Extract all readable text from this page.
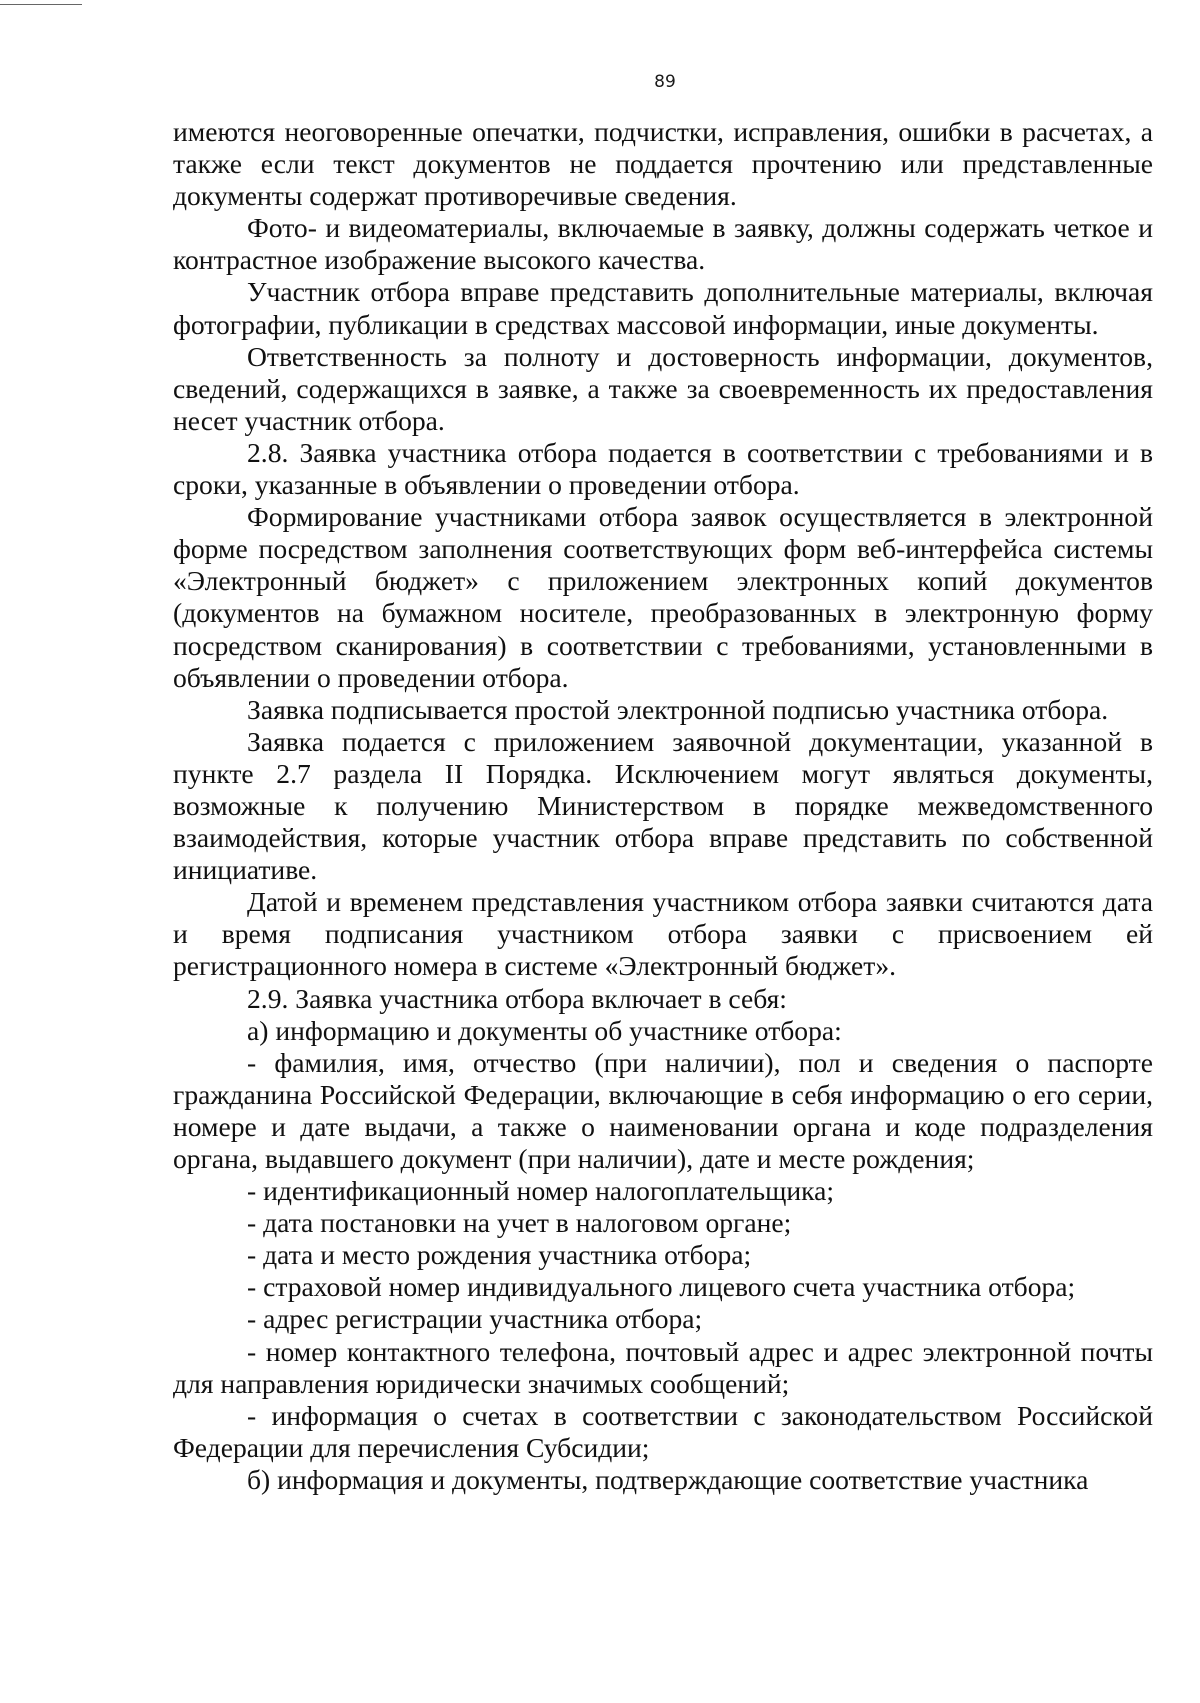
89

имеются неоговоренные опечатки, подчистки, исправления, ошибки в расчетах, а также если текст документов не поддается прочтению или представленные документы содержат противоречивые сведения.

Фото- и видеоматериалы, включаемые в заявку, должны содержать четкое и контрастное изображение высокого качества.

Участник отбора вправе представить дополнительные материалы, включая фотографии, публикации в средствах массовой информации, иные документы.

Ответственность за полноту и достоверность информации, документов, сведений, содержащихся в заявке, а также за своевременность их предоставления несет участник отбора.

2.8. Заявка участника отбора подается в соответствии с требованиями и в сроки, указанные в объявлении о проведении отбора.

Формирование участниками отбора заявок осуществляется в электронной форме посредством заполнения соответствующих форм веб-интерфейса системы «Электронный бюджет» с приложением электронных копий документов (документов на бумажном носителе, преобразованных в электронную форму посредством сканирования) в соответствии с требованиями, установленными в объявлении о проведении отбора.

Заявка подписывается простой электронной подписью участника отбора.

Заявка подается с приложением заявочной документации, указанной в пункте 2.7 раздела II Порядка. Исключением могут являться документы, возможные к получению Министерством в порядке межведомственного взаимодействия, которые участник отбора вправе представить по собственной инициативе.

Датой и временем представления участником отбора заявки считаются дата и время подписания участником отбора заявки с присвоением ей регистрационного номера в системе «Электронный бюджет».

2.9. Заявка участника отбора включает в себя:

а) информацию и документы об участнике отбора:

- фамилия, имя, отчество (при наличии), пол и сведения о паспорте гражданина Российской Федерации, включающие в себя информацию о его серии, номере и дате выдачи, а также о наименовании органа и коде подразделения органа, выдавшего документ (при наличии), дате и месте рождения;

- идентификационный номер налогоплательщика;

- дата постановки на учет в налоговом органе;

- дата и место рождения участника отбора;

- страховой номер индивидуального лицевого счета участника отбора;

- адрес регистрации участника отбора;

- номер контактного телефона, почтовый адрес и адрес электронной почты для направления юридически значимых сообщений;

- информация о счетах в соответствии с законодательством Российской Федерации для перечисления Субсидии;

б) информация и документы, подтверждающие соответствие участника
